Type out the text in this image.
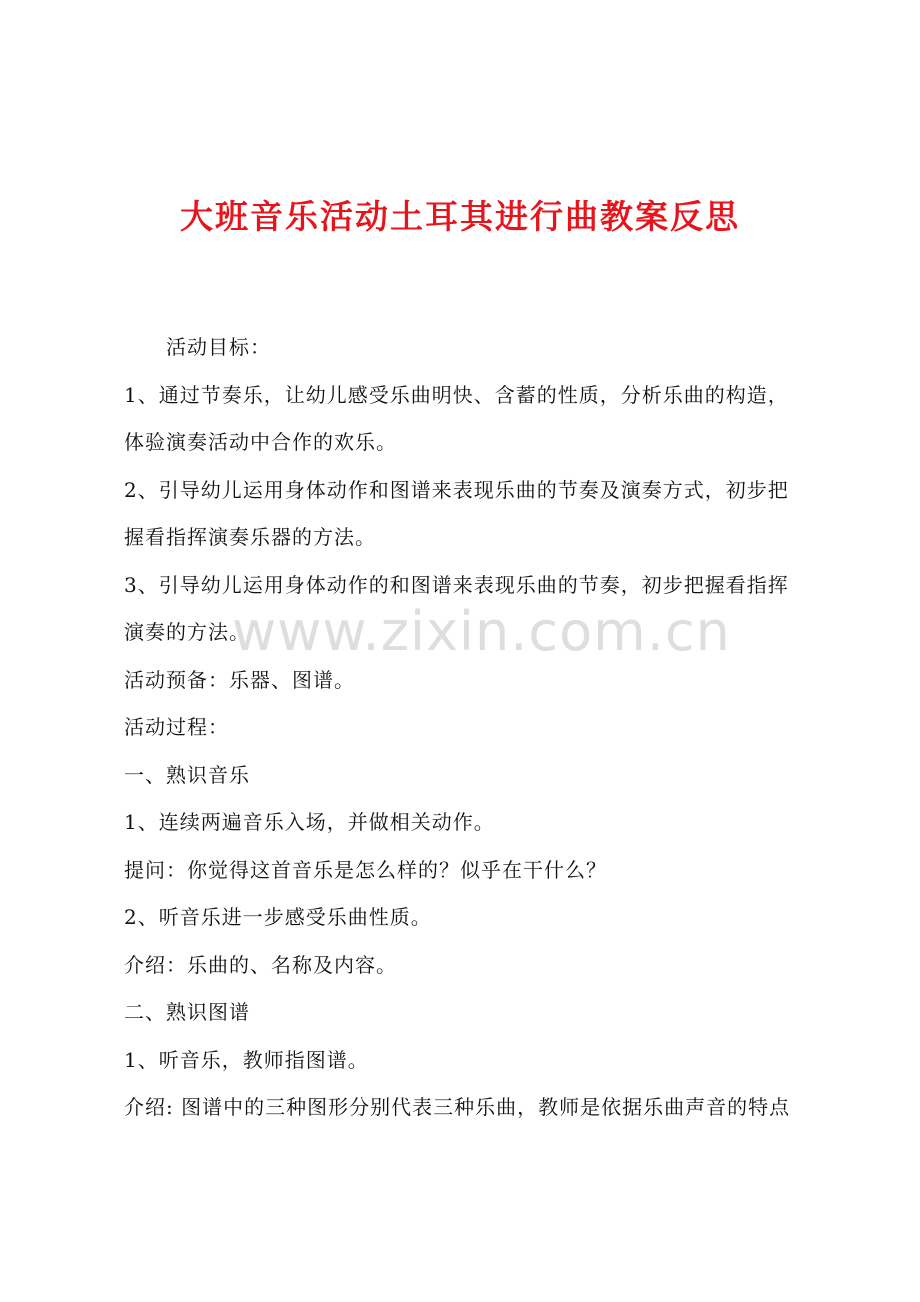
大班音乐活动土耳其进行曲教案反思
活动目标：
1、通过节奏乐，让幼儿感受乐曲明快、含蓄的性质，分析乐曲的构造，
体验演奏活动中合作的欢乐。
2、引导幼儿运用身体动作和图谱来表现乐曲的节奏及演奏方式，初步把
握看指挥演奏乐器的方法。
3、引导幼儿运用身体动作的和图谱来表现乐曲的节奏，初步把握看指挥
演奏的方法。
活动预备：乐器、图谱。
活动过程：
一、熟识音乐
1、连续两遍音乐入场，并做相关动作。
提问：你觉得这首音乐是怎么样的？似乎在干什么？
2、听音乐进一步感受乐曲性质。
介绍：乐曲的、名称及内容。
二、熟识图谱
1、听音乐，教师指图谱。
介绍: 图谱中的三种图形分别代表三种乐曲，教师是依据乐曲声音的特点
www.zixin.com.cn
